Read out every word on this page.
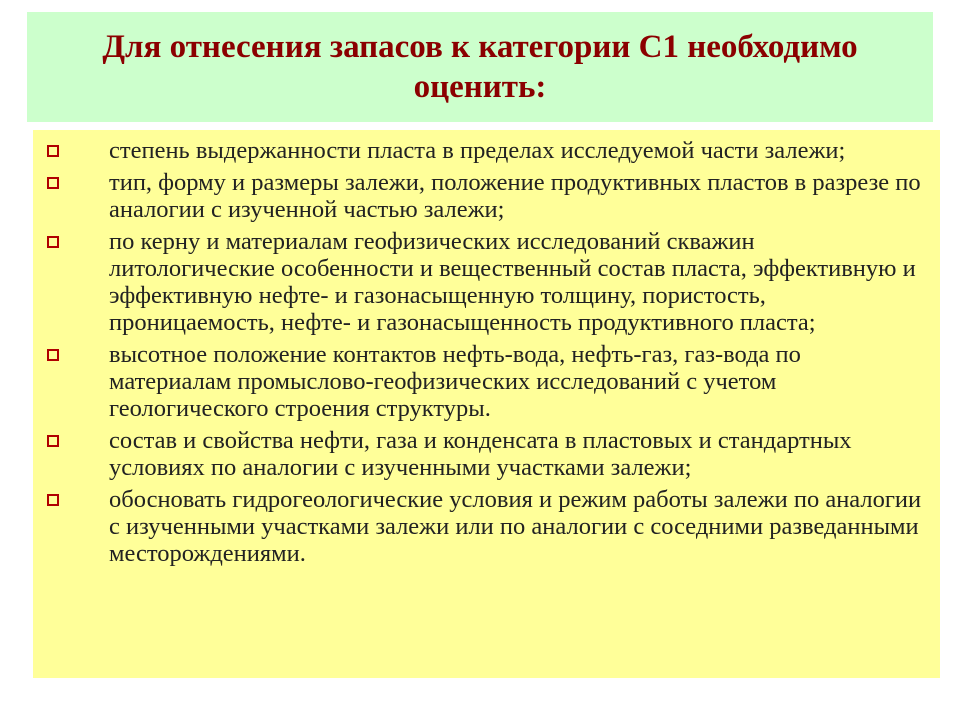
Для отнесения запасов к категории С1 необходимо оценить:
степень выдержанности пласта в пределах исследуемой части залежи;
тип, форму и размеры залежи, положение продуктивных пластов в разрезе по аналогии с изученной частью залежи;
по керну и материалам геофизических исследований скважин литологические особенности и вещественный состав пласта, эффективную и эффективную нефте- и газонасыщенную толщину, пористость, проницаемость, нефте- и газонасыщенность продуктивного пласта;
высотное положение контактов нефть-вода, нефть-газ, газ-вода по материалам промыслово-геофизических исследований с учетом геологического строения структуры.
состав и свойства нефти, газа и конденсата в пластовых и стандартных условиях по аналогии с изученными участками залежи;
обосновать гидрогеологические условия и режим работы залежи по аналогии с изученными участками залежи или по аналогии с соседними разведанными месторождениями.
